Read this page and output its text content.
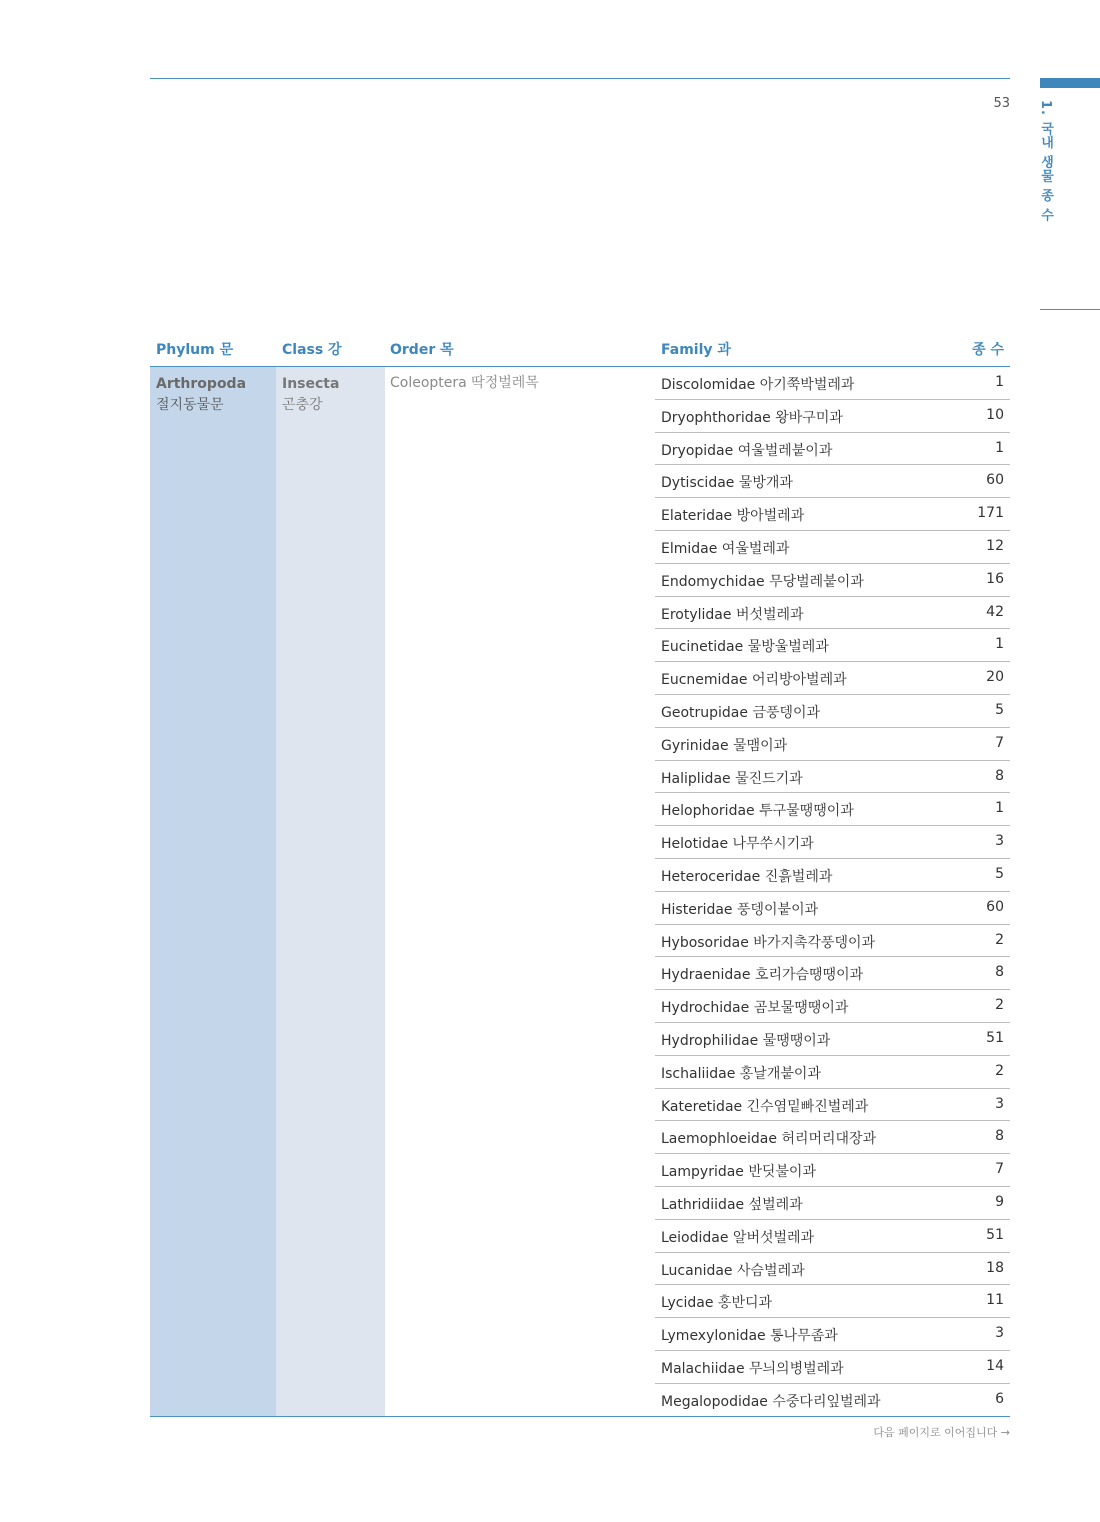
53 1. 국내 생물 종 수
Phylum 문	Class 강	Order 목	Family 과	종 수
Arthropoda
절지동물문
Insecta
곤충강
Coleoptera 딱정벌레목	Discolomidae 아기쭉박벌레과	1
Dryophthoridae 왕바구미과	10
Dryopidae 여울벌레붙이과	1
Dytiscidae 물방개과	60
Elateridae 방아벌레과	171
Elmidae 여울벌레과	12
Endomychidae 무당벌레붙이과	16
Erotylidae 버섯벌레과	42
Eucinetidae 물방울벌레과	1
Eucnemidae 어리방아벌레과	20
Geotrupidae 금풍뎅이과	5
Gyrinidae 물맴이과	7
Haliplidae 물진드기과	8
Helophoridae 투구물땡땡이과	1
Helotidae 나무쑤시기과	3
Heteroceridae 진흙벌레과	5
Histeridae 풍뎅이붙이과	60
Hybosoridae 바가지촉각풍뎅이과	2
Hydraenidae 호리가슴땡땡이과	8
Hydrochidae 곰보물땡땡이과	2
Hydrophilidae 물땡땡이과	51
Ischaliidae 홍날개붙이과	2
Kateretidae 긴수염밑빠진벌레과	3
Laemophloeidae 허리머리대장과	8
Lampyridae 반딧불이과	7
Lathridiidae 섶벌레과	9
Leiodidae 알버섯벌레과	51
Lucanidae 사슴벌레과	18
Lycidae 홍반디과	11
Lymexylonidae 통나무좀과	3
Malachiidae 무늬의병벌레과	14
Megalopodidae 수중다리잎벌레과	6
다음 페이지로 이어집니다 →
